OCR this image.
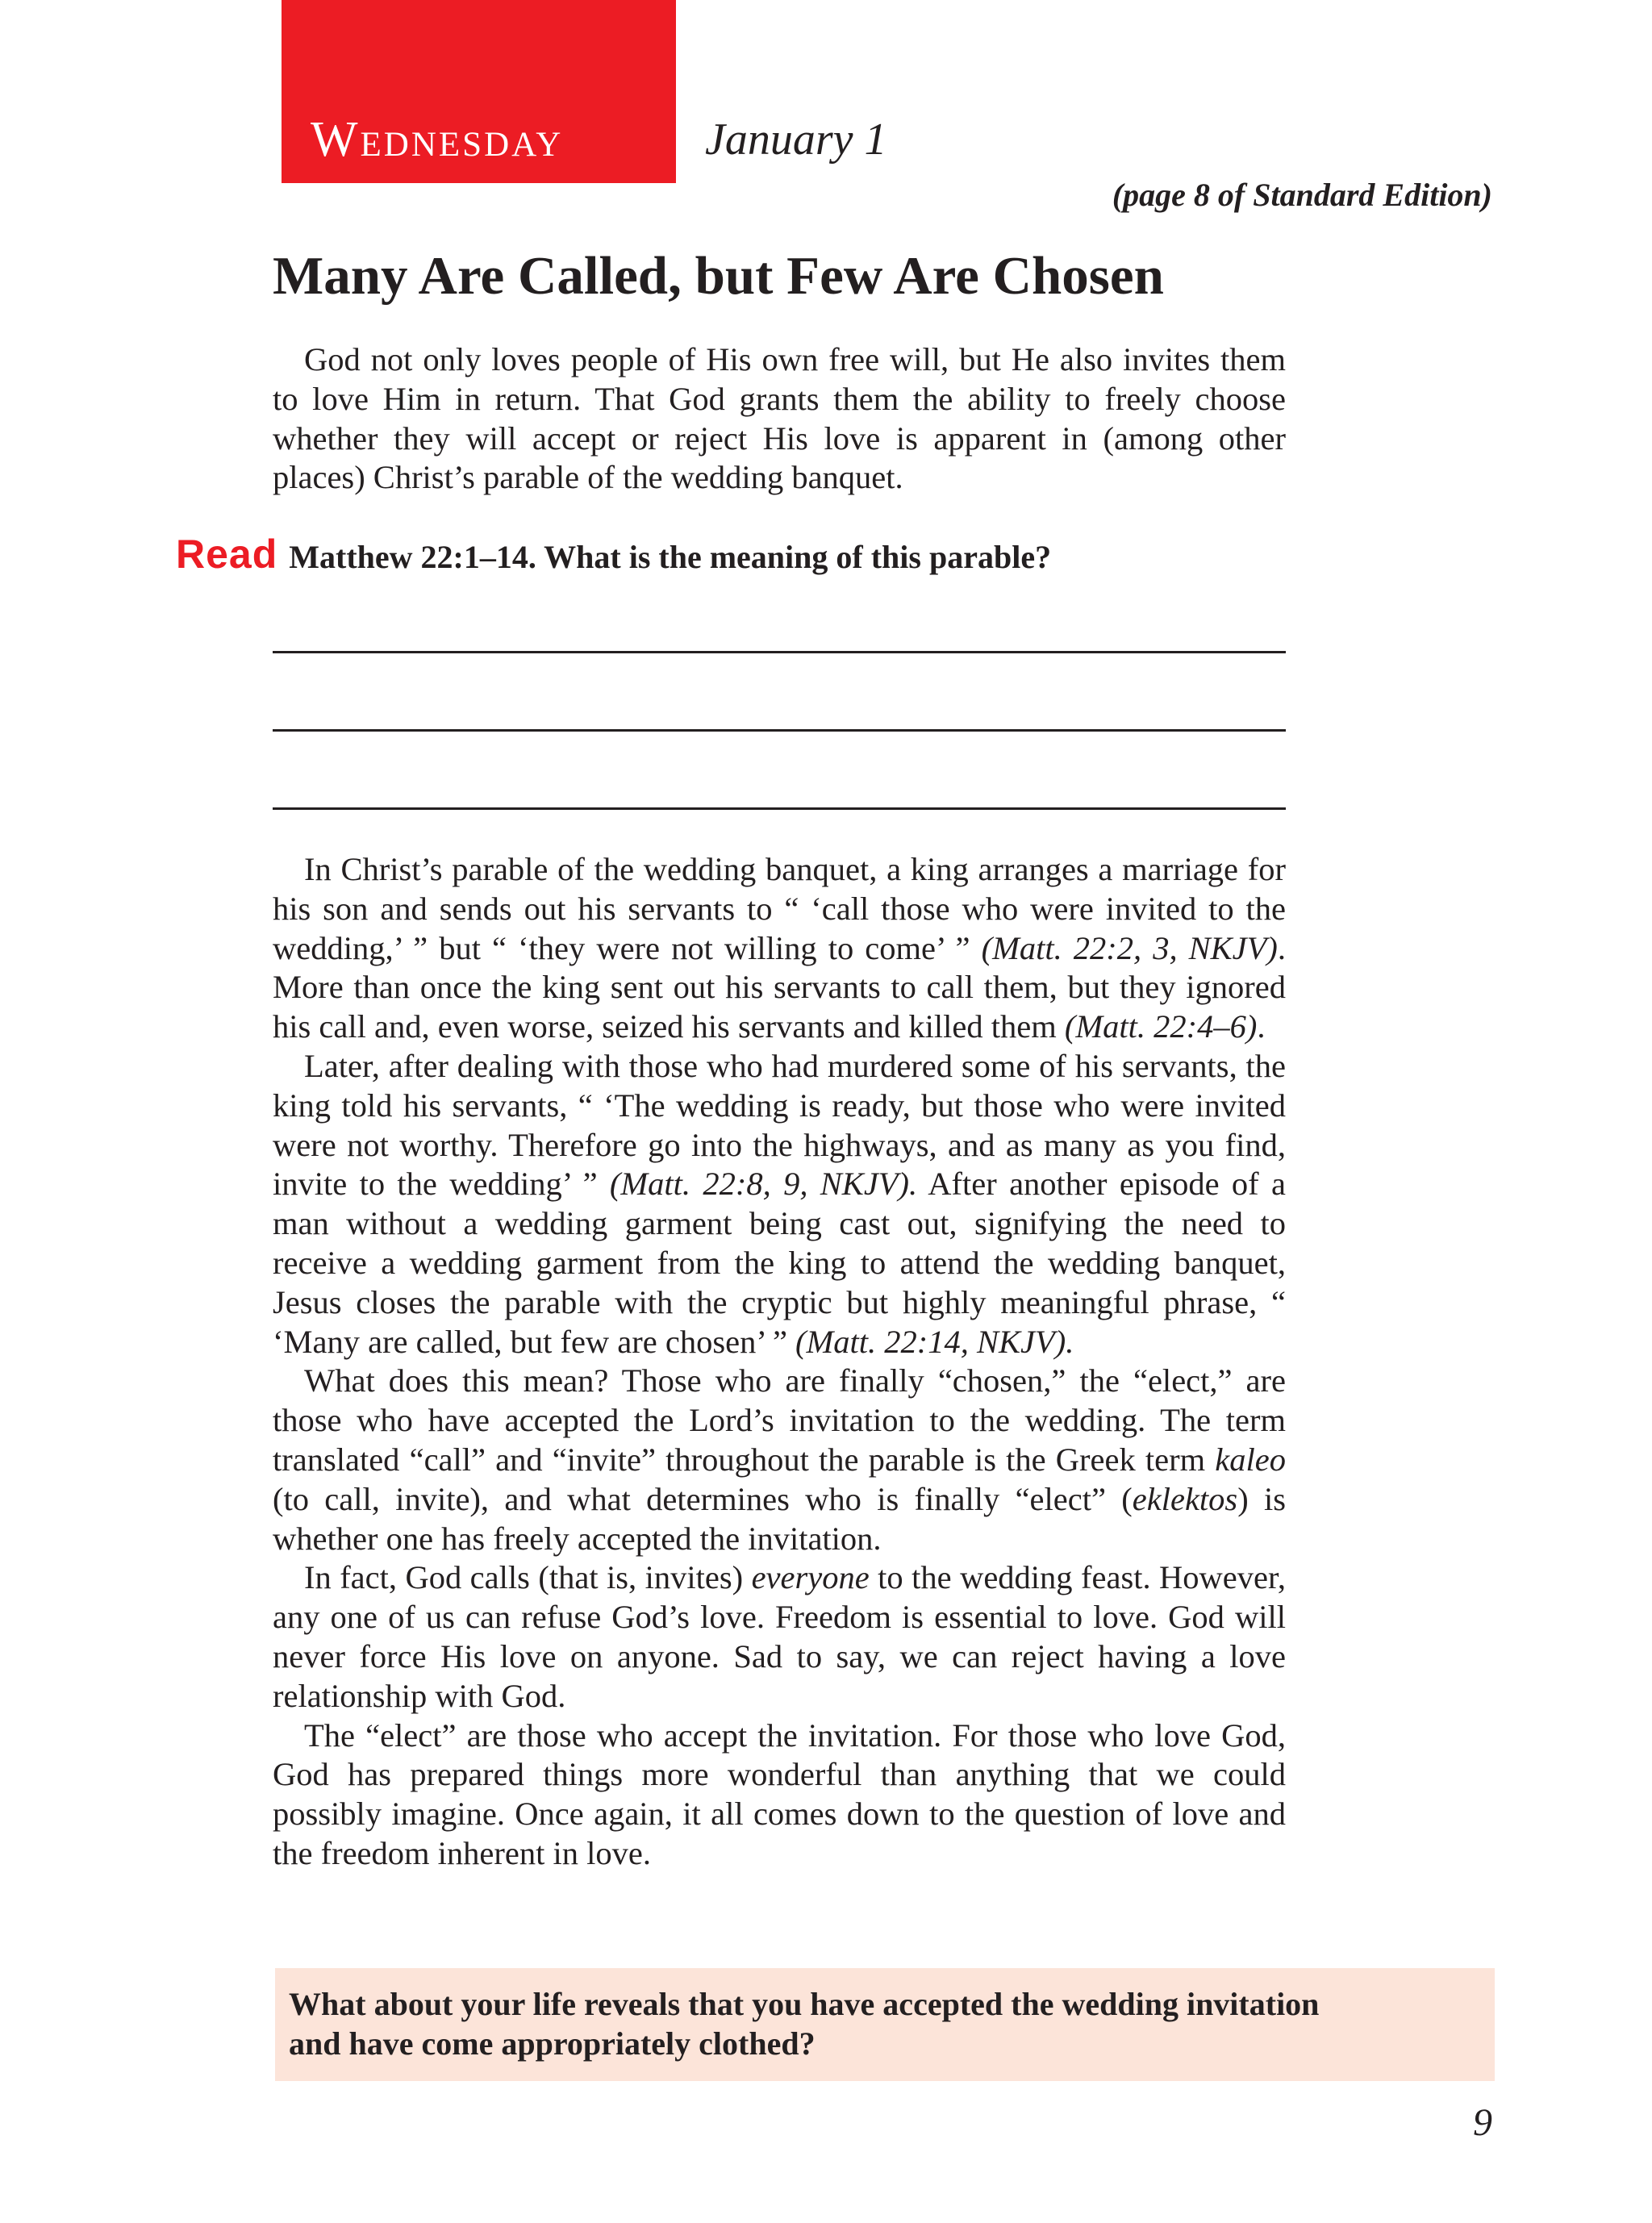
Wednesday	January 1
(page 8 of Standard Edition)
Many Are Called, but Few Are Chosen

God not only loves people of His own free will, but He also invites them to love Him in return. That God grants them the ability to freely choose whether they will accept or reject His love is apparent in (among other places) Christ’s parable of the wedding banquet.

Read Matthew 22:1–14. What is the meaning of this parable?

In Christ’s parable of the wedding banquet, a king arranges a marriage for his son and sends out his servants to “ ‘call those who were invited to the wedding,’ ” but “ ‘they were not willing to come’ ” (Matt. 22:2, 3, NKJV). More than once the king sent out his servants to call them, but they ignored his call and, even worse, seized his servants and killed them (Matt. 22:4–6).

Later, after dealing with those who had murdered some of his servants, the king told his servants, “ ‘The wedding is ready, but those who were invited were not worthy. Therefore go into the highways, and as many as you find, invite to the wedding’ ” (Matt. 22:8, 9, NKJV). After another episode of a man without a wedding garment being cast out, signifying the need to receive a wedding garment from the king to attend the wedding banquet, Jesus closes the parable with the cryptic but highly meaningful phrase, “ ‘Many are called, but few are chosen’ ” (Matt. 22:14, NKJV).

What does this mean? Those who are finally “chosen,” the “elect,” are those who have accepted the Lord’s invitation to the wedding. The term translated “call” and “invite” throughout the parable is the Greek term kaleo (to call, invite), and what determines who is finally “elect” (eklektos) is whether one has freely accepted the invitation.

In fact, God calls (that is, invites) everyone to the wedding feast. However, any one of us can refuse God’s love. Freedom is essential to love. God will never force His love on anyone. Sad to say, we can reject having a love relationship with God.

The “elect” are those who accept the invitation. For those who love God, God has prepared things more wonderful than anything that we could possibly imagine. Once again, it all comes down to the question of love and the freedom inherent in love.

What about your life reveals that you have accepted the wedding invitation and have come appropriately clothed?
9
